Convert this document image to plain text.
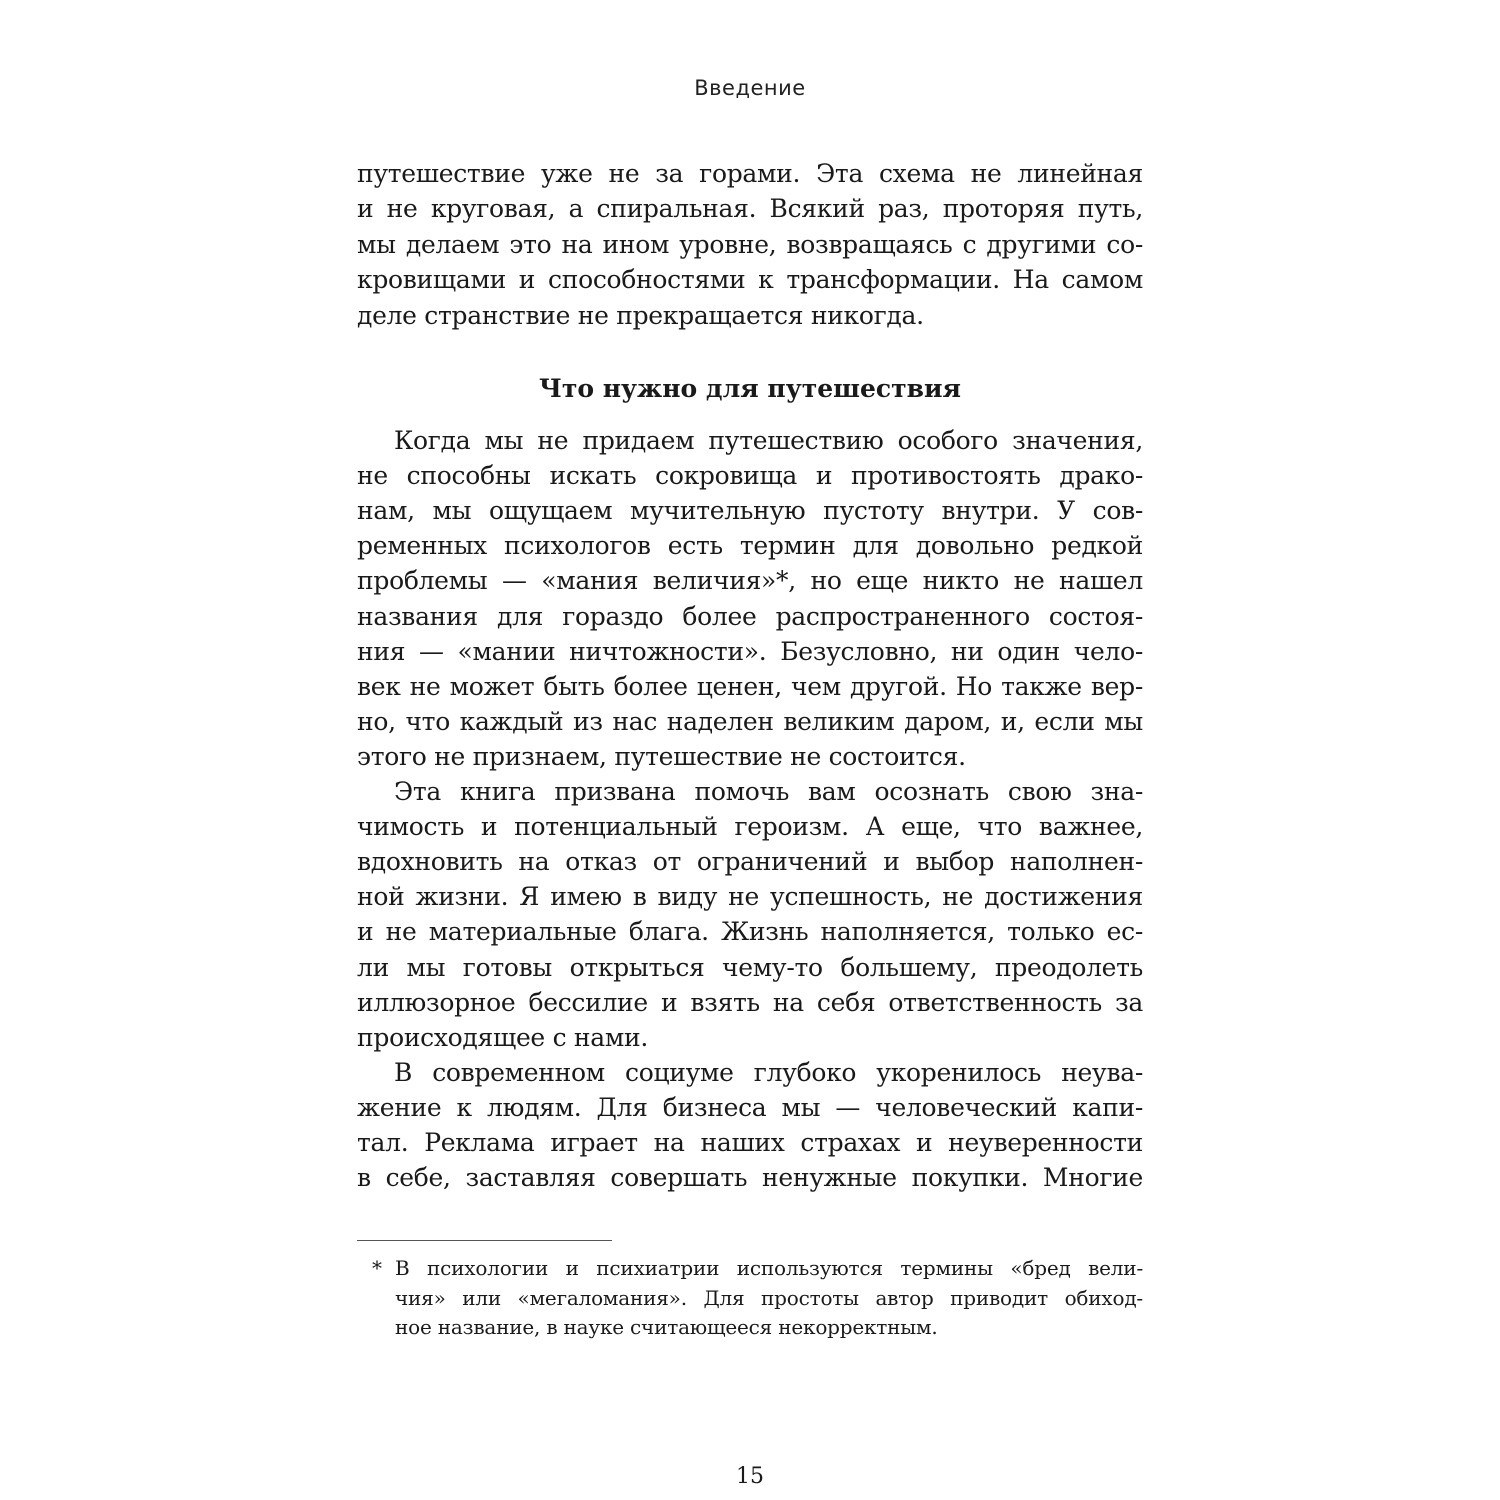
Введение
путешествие уже не за горами. Эта схема не линейная
и не круговая, а спиральная. Всякий раз, проторяя путь,
мы делаем это на ином уровне, возвращаясь с другими со-
кровищами и способностями к трансформации. На самом
деле странствие не прекращается никогда.
Что нужно для путешествия
Когда мы не придаем путешествию особого значения,
не способны искать сокровища и противостоять драко-
нам, мы ощущаем мучительную пустоту внутри. У сов-
ременных психологов есть термин для довольно редкой
проблемы — «мания величия»*, но еще никто не нашел
названия для гораздо более распространенного состоя-
ния — «мании ничтожности». Безусловно, ни один чело-
век не может быть более ценен, чем другой. Но также вер-
но, что каждый из нас наделен великим даром, и, если мы
этого не признаем, путешествие не состоится.
Эта книга призвана помочь вам осознать свою зна-
чимость и потенциальный героизм. А еще, что важнее,
вдохновить на отказ от ограничений и выбор наполнен-
ной жизни. Я имею в виду не успешность, не достижения
и не материальные блага. Жизнь наполняется, только ес-
ли мы готовы открыться чему-то большему, преодолеть
иллюзорное бессилие и взять на себя ответственность за
происходящее с нами.
В современном социуме глубоко укоренилось неува-
жение к людям. Для бизнеса мы — человеческий капи-
тал. Реклама играет на наших страхах и неуверенности
в себе, заставляя совершать ненужные покупки. Многие
* В психологии и психиатрии используются термины «бред вели-
чия» или «мегаломания». Для простоты автор приводит обиход-
ное название, в науке считающееся некорректным.
15
